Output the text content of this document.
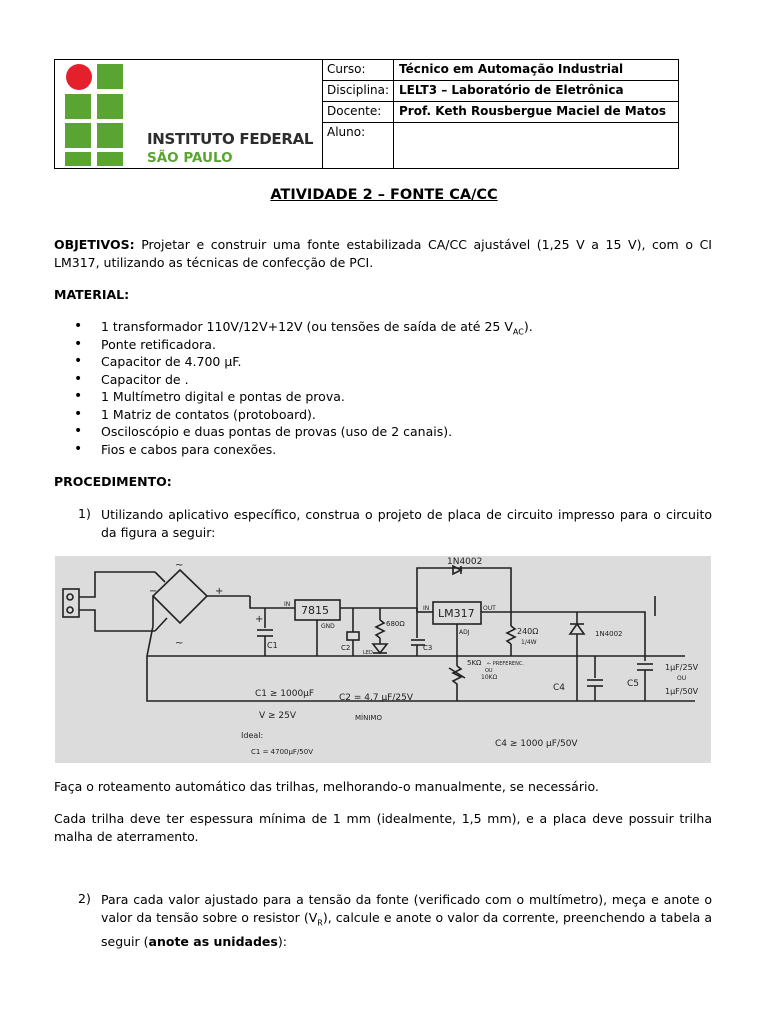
INSTITUTO FEDERAL
SÃO PAULO
Curso:	Técnico em Automação Industrial
Disciplina: LELT3 – Laboratório de Eletrônica
Docente:	Prof. Keth Rousbergue Maciel de Matos
Aluno:
ATIVIDADE 2 – FONTE CA/CC
OBJETIVOS: Projetar e construir uma fonte estabilizada CA/CC ajustável (1,25 V a 15 V), com o CI LM317, utilizando as técnicas de confecção de PCI.
MATERIAL:
• 1 transformador 110V/12V+12V (ou tensões de saída de até 25 $V_{AC}$).
• Ponte retificadora.
• Capacitor de 4.700 μF.
• Capacitor de .
• 1 Multímetro digital e pontas de prova.
• 1 Matriz de contatos (protoboard).
• Osciloscópio e duas pontas de provas (uso de 2 canais).
• Fios e cabos para conexões.
PROCEDIMENTO:
1) Utilizando aplicativo específico, construa o projeto de placa de circuito impresso para o circuito da figura a seguir:
1N4002
7815
IN
GND
LM317
IN	OUT
ADJ
680Ω
240Ω
1/4W
1N4002
LED
5KΩ ← PREFERENC.
OU
10KΩ
C1	C2	C3
C4	C5
1μF/25V
OU
1μF/50V
C1 ≥ 1000μF
V ≥ 25V
C2 = 4,7 μF/25V
MÍNIMO
Ideal:
C1 = 4700μF/50V
C4 ≥ 1000 μF/50V
~
~
+
−
+
Faça o roteamento automático das trilhas, melhorando-o manualmente, se necessário.
Cada trilha deve ter espessura mínima de 1 mm (idealmente, 1,5 mm), e a placa deve possuir trilha malha de aterramento.
2) Para cada valor ajustado para a tensão da fonte (verificado com o multímetro), meça e anote o valor da tensão sobre o resistor $(V_R)$, calcule e anote o valor da corrente, preenchendo a tabela a seguir (anote as unidades):
